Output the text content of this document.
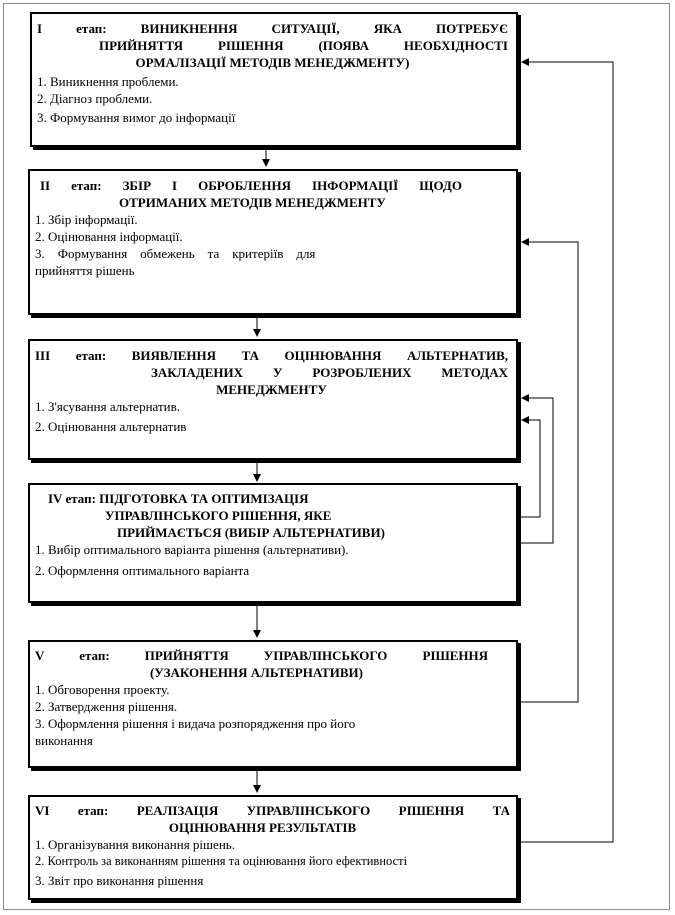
I етап: ВИНИКНЕННЯ СИТУАЦІЇ, ЯКА ПОТРЕБУЄ
ПРИЙНЯТТЯ РІШЕННЯ (ПОЯВА НЕОБХІДНОСТІ
ОРМАЛІЗАЦІЇ МЕТОДІВ МЕНЕДЖМЕНТУ)
1. Виникнення проблеми.
2. Діагноз проблеми.
3. Формування вимог до інформації
II етап: ЗБІР І ОБРОБЛЕННЯ ІНФОРМАЦІЇ ЩОДО
ОТРИМАНИХ МЕТОДІВ МЕНЕДЖМЕНТУ
1. Збір інформації.
2. Оцінювання інформації.
3.    Формування    обмежень    та    критеріїв    для
прийняття рішень
ІІІ етап: ВИЯВЛЕННЯ ТА ОЦІНЮВАННЯ АЛЬТЕРНАТИВ,
ЗАКЛАДЕНИХ У РОЗРОБЛЕНИХ МЕТОДАХ
МЕНЕДЖМЕНТУ
1. З'ясування альтернатив.
2. Оцінювання альтернатив
IV етап: ПІДГОТОВКА ТА ОПТИМІЗАЦІЯ
УПРАВЛІНСЬКОГО РІШЕННЯ, ЯКЕ
ПРИЙМАЄТЬСЯ (ВИБІР АЛЬТЕРНАТИВИ)
1. Вибір оптимального варіанта рішення (альтернативи).
2. Оформлення оптимального варіанта
V етап: ПРИЙНЯТТЯ УПРАВЛІНСЬКОГО РІШЕННЯ
(УЗАКОНЕННЯ АЛЬТЕРНАТИВИ)
1. Обговорення проекту.
2. Затвердження рішення.
3. Оформлення рішення і видача розпорядження про його
виконання
VI етап: РЕАЛІЗАЦІЯ УПРАВЛІНСЬКОГО РІШЕННЯ ТА
ОЦІНЮВАННЯ РЕЗУЛЬТАТІВ
1. Організування виконання рішень.
2. Контроль за виконанням рішення та оцінювання його ефективності
3. Звіт про виконання рішення
